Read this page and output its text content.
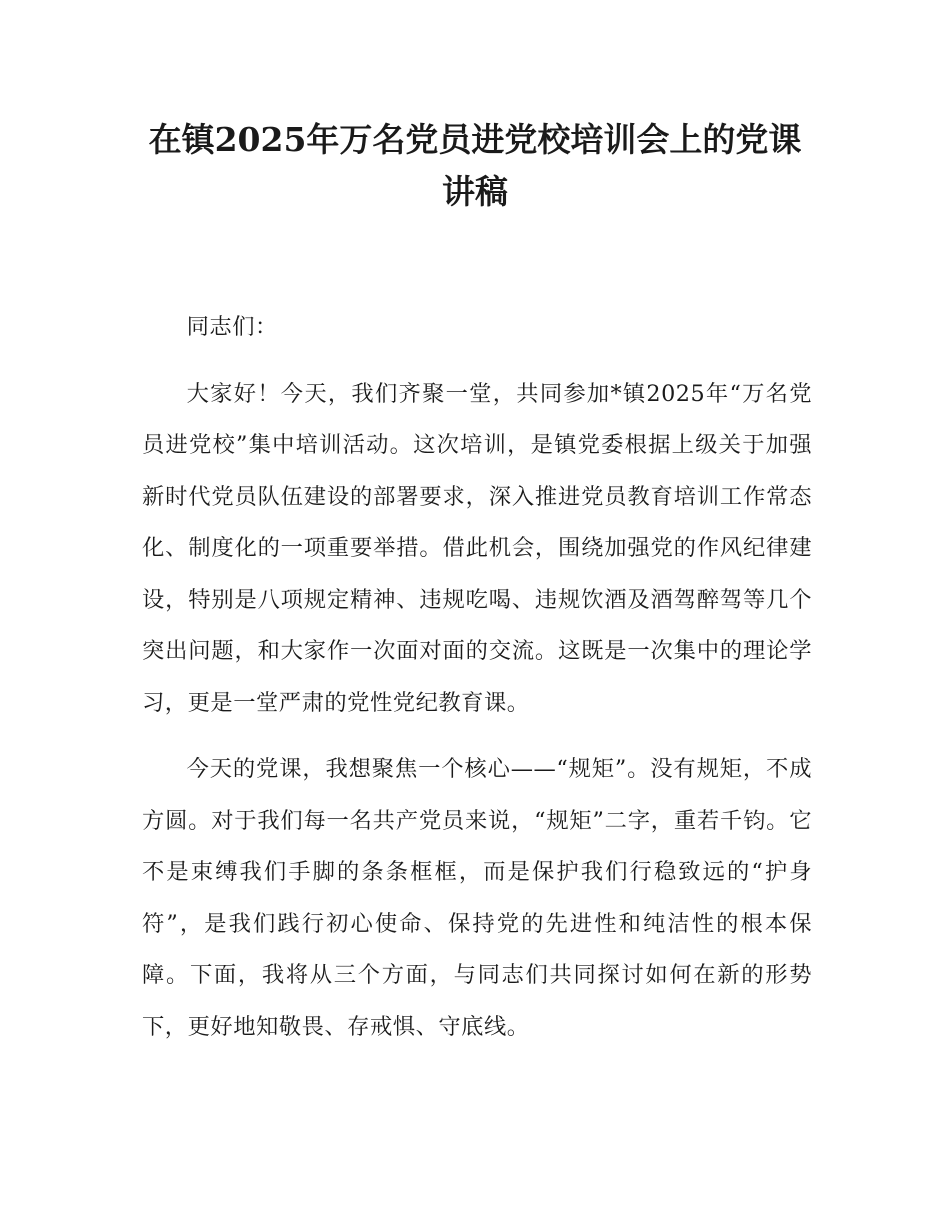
在镇2025年万名党员进党校培训会上的党课
讲稿

同志们：

大家好！今天，我们齐聚一堂，共同参加*镇2025年“万名党员进党校”集中培训活动。这次培训，是镇党委根据上级关于加强新时代党员队伍建设的部署要求，深入推进党员教育培训工作常态化、制度化的一项重要举措。借此机会，围绕加强党的作风纪律建设，特别是八项规定精神、违规吃喝、违规饮酒及酒驾醉驾等几个突出问题，和大家作一次面对面的交流。这既是一次集中的理论学习，更是一堂严肃的党性党纪教育课。

今天的党课，我想聚焦一个核心——“规矩”。没有规矩，不成方圆。对于我们每一名共产党员来说，“规矩”二字，重若千钧。它不是束缚我们手脚的条条框框，而是保护我们行稳致远的“护身符”，是我们践行初心使命、保持党的先进性和纯洁性的根本保障。下面，我将从三个方面，与同志们共同探讨如何在新的形势下，更好地知敬畏、存戒惧、守底线。
